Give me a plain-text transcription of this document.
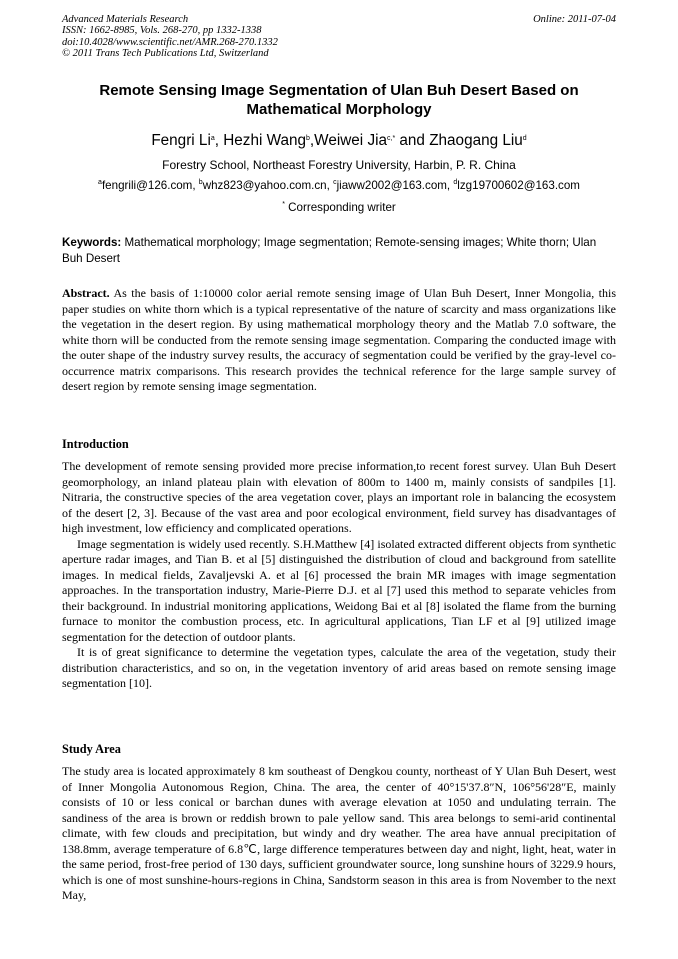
Advanced Materials Research
ISSN: 1662-8985, Vols. 268-270, pp 1332-1338
doi:10.4028/www.scientific.net/AMR.268-270.1332
© 2011 Trans Tech Publications Ltd, Switzerland
Online: 2011-07-04
Remote Sensing Image Segmentation of Ulan Buh Desert Based on
Mathematical Morphology
Fengri Li$^a$, Hezhi Wang$^b$,Weiwei Jia$^{c,*}$ and Zhaogang Liu$^d$
Forestry School, Northeast Forestry University, Harbin, P. R. China
$^a$fengrili@126.com, $^b$whz823@yahoo.com.cn, $^c$jiaww2002@163.com, $^d$lzg19700602@163.com
* Corresponding writer
Keywords: Mathematical morphology; Image segmentation; Remote-sensing images; White thorn; Ulan Buh Desert
Abstract. As the basis of 1:10000 color aerial remote sensing image of Ulan Buh Desert, Inner Mongolia, this paper studies on white thorn which is a typical representative of the nature of scarcity and mass organizations like the vegetation in the desert region. By using mathematical morphology theory and the Matlab 7.0 software, the white thorn will be conducted from the remote sensing image segmentation. Comparing the conducted image with the outer shape of the industry survey results, the accuracy of segmentation could be verified by the gray-level co-occurrence matrix comparisons. This research provides the technical reference for the large sample survey of desert region by remote sensing image segmentation.
Introduction

The development of remote sensing provided more precise information,to recent forest survey. Ulan Buh Desert geomorphology, an inland plateau plain with elevation of 800m to 1400 m, mainly consists of sandpiles [1]. Nitraria, the constructive species of the area vegetation cover, plays an important role in balancing the ecosystem of the desert [2, 3]. Because of the vast area and poor ecological environment, field survey has disadvantages of high investment, low efficiency and complicated operations.

Image segmentation is widely used recently. S.H.Matthew [4] isolated extracted different objects from synthetic aperture radar images, and Tian B. et al [5] distinguished the distribution of cloud and background from satellite images. In medical fields, Zavaljevski A. et al [6] processed the brain MR images with image segmentation approaches. In the transportation industry, Marie-Pierre D.J. et al [7] used this method to separate vehicles from their background. In industrial monitoring applications, Weidong Bai et al [8] isolated the flame from the burning furnace to monitor the combustion process, etc. In agricultural applications, Tian LF et al [9] utilized image segmentation for the detection of outdoor plants.

It is of great significance to determine the vegetation types, calculate the area of the vegetation, study their distribution characteristics, and so on, in the vegetation inventory of arid areas based on remote sensing image segmentation [10].

Study Area

The study area is located approximately 8 km southeast of Dengkou county, northeast of Y Ulan Buh Desert, west of Inner Mongolia Autonomous Region, China. The area, the center of 40°15'37.8″N, 106°56'28″E, mainly consists of 10 or less conical or barchan dunes with average elevation at 1050 and undulating terrain. The sandiness of the area is brown or reddish brown to pale yellow sand. This area belongs to semi-arid continental climate, with few clouds and precipitation, but windy and dry weather. The area have annual precipitation of 138.8mm, average temperature of 6.8℃, large difference temperatures between day and night, light, heat, water in the same period, frost-free period of 130 days, sufficient groundwater source, long sunshine hours of 3229.9 hours, which is one of most sunshine-hours-regions in China, Sandstorm season in this area is from November to the next May,
